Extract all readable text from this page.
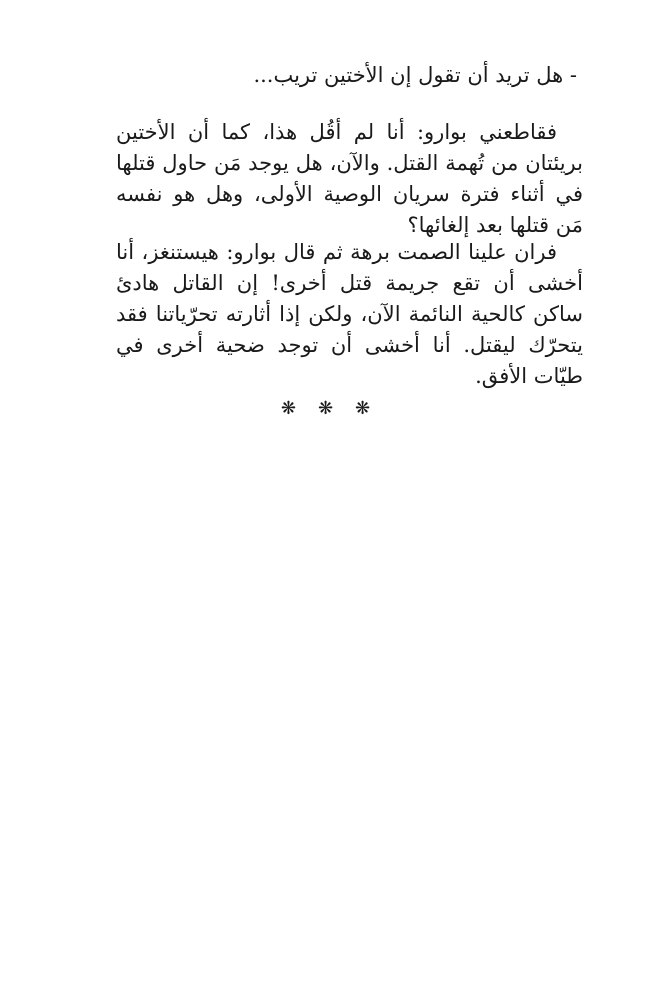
- هل تريد أن تقول إن الأختين تريب...

فقاطعني بوارو: أنا لم أقُل هذا، كما أن الأختين بريئتان من تُهمة القتل. والآن، هل يوجد مَن حاول قتلها في أثناء فترة سريان الوصية الأولى، وهل هو نفسه مَن قتلها بعد إلغائها؟

فران علينا الصمت برهة ثم قال بوارو: هيستنغز، أنا أخشى أن تقع جريمة قتل أخرى! إن القاتل هادئ ساكن كالحية النائمة الآن، ولكن إذا أثارته تحرّياتنا فقد يتحرّك ليقتل. أنا أخشى أن توجد ضحية أخرى في طيّات الأفق.

❋❋❋
